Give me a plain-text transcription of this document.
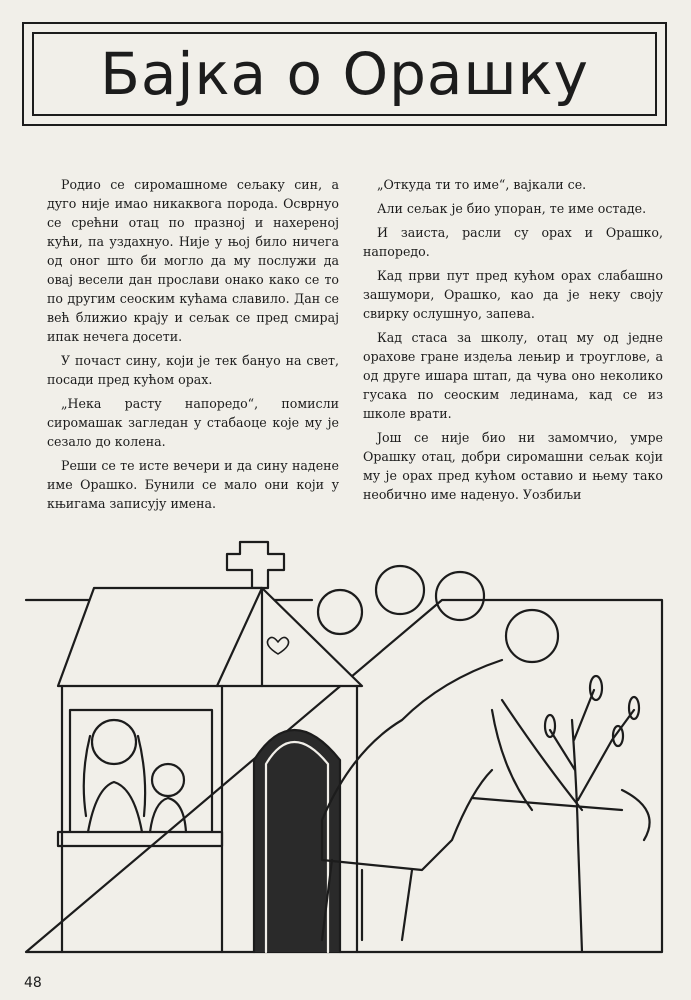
Бајка о Орашку

Родио се сиромашноме сељаку син, а дуго није имао никаквога порода. Осврнуо се срећни отац по празној и нахереној кући, па уздахнуо. Није у њој било ничега од оног што би могло да му послужи да овај весели дан прослави онако како се то по другим сеоским кућама славило. Дан се већ ближио крају и сељак се пред смирај ипак нечега досети.

У почаст сину, који је тек бануо на свет, посади пред кућом орах.

„Нека расту напоредо“, помисли сиромашак загледан у стабаоце које му је сезало до колена.

Реши се те исте вечери и да сину надене име Орашко. Бунили се мало они који у књигама записују имена.

„Откуда ти то име“, вајкали се.

Али сељак је био упоран, те име остаде.

И заиста, расли су орах и Орашко, напоредо.

Кад први пут пред кућом орах слабашно зашумори, Орашко, као да је неку своју свирку ослушнуо, запева.

Кад стаса за школу, отац му од једне орахове гране издеља лењир и троуглове, а од друге ишара штап, да чува оно неколико гусака по сеоским лединама, кад се из школе врати.

Још се није био ни замомчио, умре Орашку отац, добри сиромашни сељак који му је орах пред кућом оставио и њему тако необично име наденуо. Уозбиљи

48
